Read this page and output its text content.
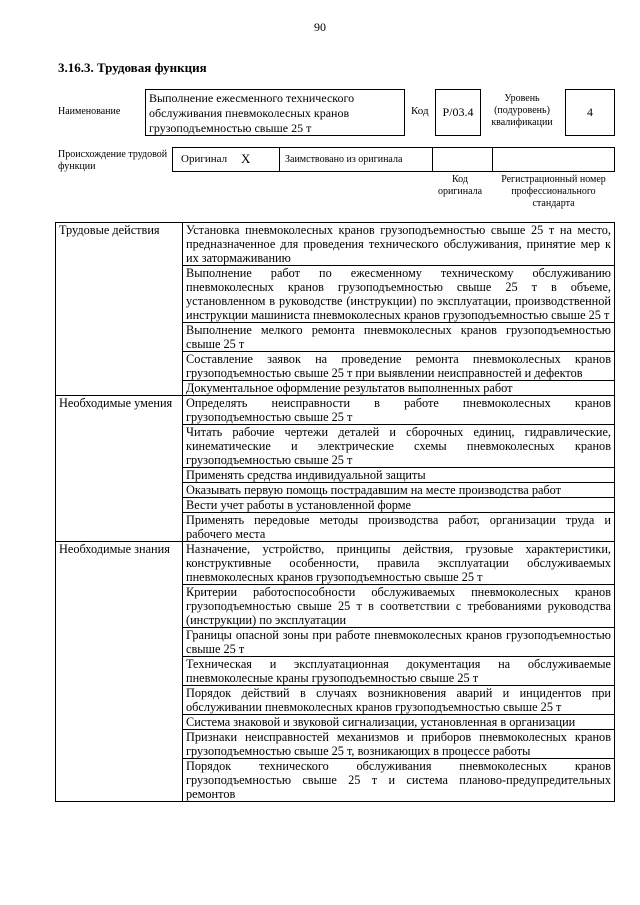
90
3.16.3. Трудовая функция
Наименование
Выполнение ежесменного технического обслуживания пневмоколесных кранов грузоподъемностью свыше 25 т
Код P/03.4
Уровень (подуровень) квалификации
4
Происхождение трудовой функции
Оригинал X	Заимствовано из оригинала
Код оригинала
Регистрационный номер профессионального стандарта
Трудовые действия	Установка пневмоколесных кранов грузоподъемностью свыше 25 т на место, предназначенное для проведения технического обслуживания, принятие мер к их затормаживанию
	Выполнение работ по ежесменному техническому обслуживанию пневмоколесных кранов грузоподъемностью свыше 25 т в объеме, установленном в руководстве (инструкции) по эксплуатации, производственной инструкции машиниста пневмоколесных кранов грузоподъемностью свыше 25 т
	Выполнение мелкого ремонта пневмоколесных кранов грузоподъемностью свыше 25 т
	Составление заявок на проведение ремонта пневмоколесных кранов грузоподъемностью свыше 25 т при выявлении неисправностей и дефектов
	Документальное оформление результатов выполненных работ
Необходимые умения	Определять неисправности в работе пневмоколесных кранов грузоподъемностью свыше 25 т
	Читать рабочие чертежи деталей и сборочных единиц, гидравлические, кинематические и электрические схемы пневмоколесных кранов грузоподъемностью свыше 25 т
	Применять средства индивидуальной защиты
	Оказывать первую помощь пострадавшим на месте производства работ
	Вести учет работы в установленной форме
	Применять передовые методы производства работ, организации труда и рабочего места
Необходимые знания	Назначение, устройство, принципы действия, грузовые характеристики, конструктивные особенности, правила эксплуатации обслуживаемых пневмоколесных кранов грузоподъемностью свыше 25 т
	Критерии работоспособности обслуживаемых пневмоколесных кранов грузоподъемностью свыше 25 т в соответствии с требованиями руководства (инструкции) по эксплуатации
	Границы опасной зоны при работе пневмоколесных кранов грузоподъемностью свыше 25 т
	Техническая и эксплуатационная документация на обслуживаемые пневмоколесные краны грузоподъемностью свыше 25 т
	Порядок действий в случаях возникновения аварий и инцидентов при обслуживании пневмоколесных кранов грузоподъемностью свыше 25 т
	Система знаковой и звуковой сигнализации, установленная в организации
	Признаки неисправностей механизмов и приборов пневмоколесных кранов грузоподъемностью свыше 25 т, возникающих в процессе работы
	Порядок технического обслуживания пневмоколесных кранов грузоподъемностью свыше 25 т и система планово-предупредительных ремонтов
